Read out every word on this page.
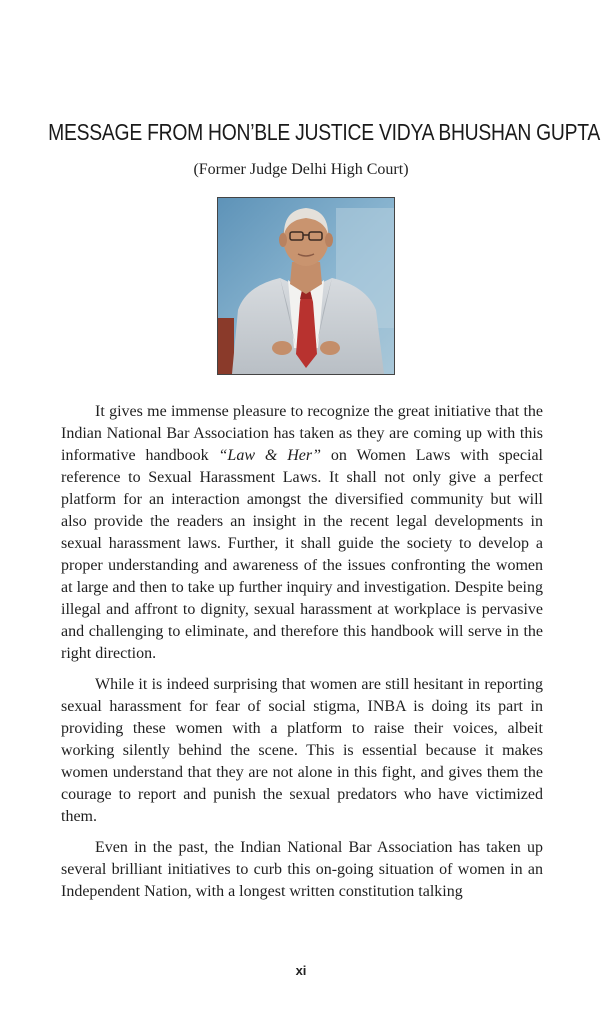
MESSAGE FROM HON’BLE JUSTICE VIDYA BHUSHAN GUPTA
(Former Judge Delhi High Court)

It gives me immense pleasure to recognize the great initiative that the Indian National Bar Association has taken as they are coming up with this informative handbook “Law & Her” on Women Laws with special reference to Sexual Harassment Laws. It shall not only give a perfect platform for an interaction amongst the diversified community but will also provide the readers an insight in the recent legal developments in sexual harassment laws. Further, it shall guide the society to develop a proper understanding and awareness of the issues confronting the women at large and then to take up further inquiry and investigation. Despite being illegal and affront to dignity, sexual harassment at workplace is pervasive and challenging to eliminate, and therefore this handbook will serve in the right direction.

While it is indeed surprising that women are still hesitant in reporting sexual harassment for fear of social stigma, INBA is doing its part in providing these women with a platform to raise their voices, albeit working silently behind the scene. This is essential because it makes women understand that they are not alone in this fight, and gives them the courage to report and punish the sexual predators who have victimized them.

Even in the past, the Indian National Bar Association has taken up several brilliant initiatives to curb this on-going situation of women in an Independent Nation, with a longest written constitution talking

xi
